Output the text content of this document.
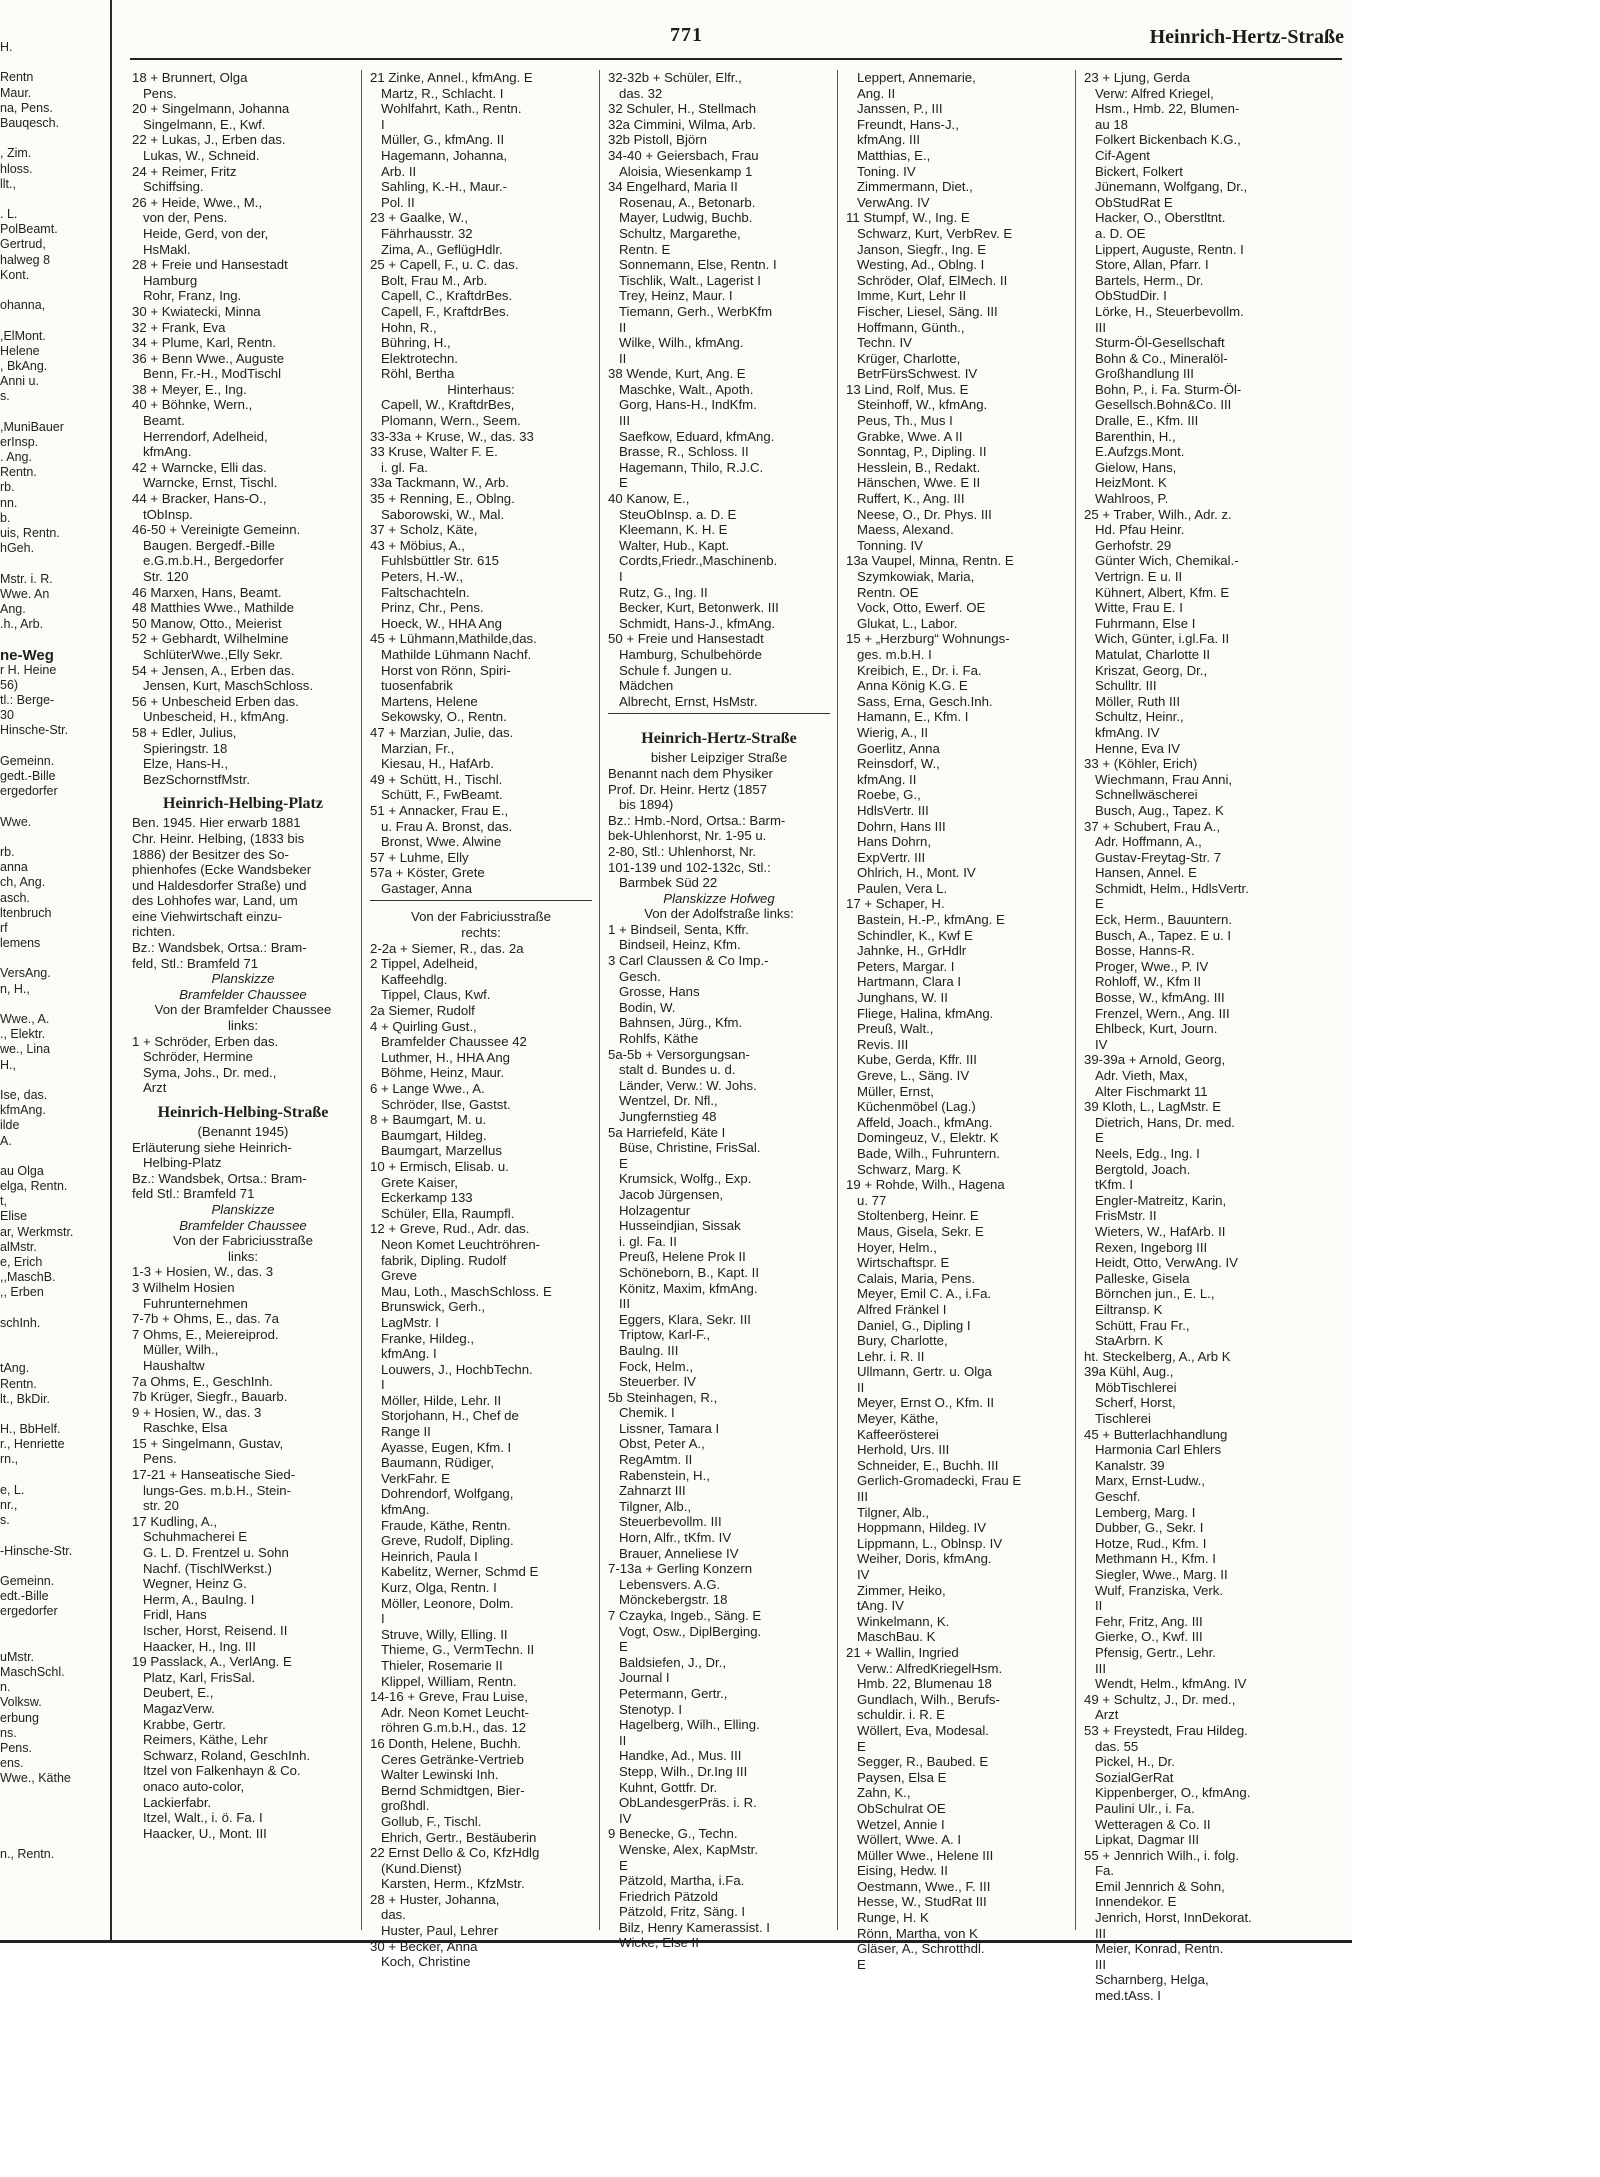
H.
Rentn
Maur.
na, Pens.
Bauqesch.
, Zim.
hloss.
llt.,
. L.
PolBeamt.
Gertrud,
halweg 8
Kont.
ohanna,
,ElMont.
Helene
, BkAng.
Anni u.
s.
,MuniBauer
erInsp.
. Ang.
Rentn.
rb.
nn.
b.
uis, Rentn.
hGeh.
Mstr. i. R.
Wwe. An
Ang.
.h., Arb.
ne-Weg
r H. Heine
56)
tl.: Berge-
30
Hinsche-Str.
Gemeinn.
gedt.-Bille
ergedorfer
Wwe.
rb.
anna
ch, Ang.
asch.
ltenbruch
rf
lemens
VersAng.
n, H.,
Wwe., A.
., Elektr.
we., Lina
H.,
Ise, das.
kfmAng.
ilde
A.
au Olga
elga, Rentn.
t,
Elise
ar, Werkmstr.
alMstr.
e, Erich
,,MaschB.
,, Erben
schInh.
tAng.
Rentn.
lt., BkDir.
H., BbHelf.
r., Henriette
rn.,
e, L.
nr.,
s.
-Hinsche-Str.
Gemeinn.
edt.-Bille
ergedorfer
uMstr.
MaschSchl.
n.
Volksw.
erbung
ns.
Pens.
ens.
Wwe., Käthe
n., Rentn.
771	Heinrich-Hertz-Straße
18 + Brunnert, Olga
Pens.
20 + Singelmann, Johanna
Singelmann, E., Kwf.
22 + Lukas, J., Erben das.
Lukas, W., Schneid.
24 + Reimer, Fritz
Schiffsing.
26 + Heide, Wwe., M.,
von der, Pens.
Heide, Gerd, von der,
HsMakl.
28 + Freie und Hansestadt
Hamburg
Rohr, Franz, Ing.
30 + Kwiatecki, Minna
32 + Frank, Eva
34 + Plume, Karl, Rentn.
36 + Benn Wwe., Auguste
Benn, Fr.-H., ModTischl
38 + Meyer, E., Ing.
40 + Böhnke, Wern.,
Beamt.
Herrendorf, Adelheid,
kfmAng.
42 + Warncke, Elli das.
Warncke, Ernst, Tischl.
44 + Bracker, Hans-O.,
tObInsp.
46-50 + Vereinigte Gemeinn.
Baugen. Bergedf.-Bille
e.G.m.b.H., Bergedorfer
Str. 120
46 Marxen, Hans, Beamt.
48 Matthies Wwe., Mathilde
50 Manow, Otto., Meierist
52 + Gebhardt, Wilhelmine
SchlüterWwe.,Elly Sekr.
54 + Jensen, A., Erben das.
Jensen, Kurt, MaschSchloss.
56 + Unbescheid Erben das.
Unbescheid, H., kfmAng.
58 + Edler, Julius,
Spieringstr. 18
Elze, Hans-H.,
BezSchornstfMstr.
Heinrich-Helbing-Platz
Ben. 1945. Hier erwarb 1881
Chr. Heinr. Helbing, (1833 bis
1886) der Besitzer des So-
phienhofes (Ecke Wandsbeker
und Haldesdorfer Straße) und
des Lohhofes war, Land, um
eine Viehwirtschaft einzu-
richten.
Bz.: Wandsbek, Ortsa.: Bram-
feld, Stl.: Bramfeld 71
Planskizze
Bramfelder Chaussee
Von der Bramfelder Chaussee
links:
1 + Schröder, Erben das.
Schröder, Hermine
Syma, Johs., Dr. med.,
Arzt
Heinrich-Helbing-Straße
(Benannt 1945)
Erläuterung siehe Heinrich-
Helbing-Platz
Bz.: Wandsbek, Ortsa.: Bram-
feld Stl.: Bramfeld 71
Planskizze
Bramfelder Chaussee
Von der Fabriciusstraße
links:
1-3 + Hosien, W., das. 3
3 Wilhelm Hosien
Fuhrunternehmen
7-7b + Ohms, E., das. 7a
7 Ohms, E., Meiereiprod.
Müller, Wilh.,
Haushaltw
7a Ohms, E., GeschInh.
7b Krüger, Siegfr., Bauarb.
9 + Hosien, W., das. 3
Raschke, Elsa
15 + Singelmann, Gustav,
Pens.
17-21 + Hanseatische Sied-
lungs-Ges. m.b.H., Stein-
str. 20
17 Kudling, A.,
Schuhmacherei E
G. L. D. Frentzel u. Sohn
Nachf. (TischlWerkst.)
Wegner, Heinz G.
Herm, A., BauIng. I
Fridl, Hans
Ischer, Horst, Reisend. II
Haacker, H., Ing. III
19 Passlack, A., VerlAng. E
Platz, Karl, FrisSal.
Deubert, E.,
MagazVerw.
Krabbe, Gertr.
Reimers, Käthe, Lehr
Schwarz, Roland, GeschInh.
Itzel von Falkenhayn & Co.
onaco auto-color,
Lackierfabr.
Itzel, Walt., i. ö. Fa. I
Haacker, U., Mont. III
21 Zinke, Annel., kfmAng. E
Martz, R., Schlacht. I
Wohlfahrt, Kath., Rentn.
I
Müller, G., kfmAng. II
Hagemann, Johanna,
Arb. II
Sahling, K.-H., Maur.-
Pol. II
23 + Gaalke, W.,
Fährhausstr. 32
Zima, A., GeflügHdlr.
25 + Capell, F., u. C. das.
Bolt, Frau M., Arb.
Capell, C., KraftdrBes.
Capell, F., KraftdrBes.
Hohn, R.,
Bühring, H.,
Elektrotechn.
Röhl, Bertha
Hinterhaus:
Capell, W., KraftdrBes,
Plomann, Wern., Seem.
33-33a + Kruse, W., das. 33
33 Kruse, Walter F. E.
i. gl. Fa.
33a Tackmann, W., Arb.
35 + Renning, E., Oblng.
Saborowski, W., Mal.
37 + Scholz, Käte,
43 + Möbius, A.,
Fuhlsbüttler Str. 615
Peters, H.-W.,
Faltschachteln.
Prinz, Chr., Pens.
Hoeck, W., HHA Ang
45 + Lühmann,Mathilde,das.
Mathilde Lühmann Nachf.
Horst von Rönn, Spiri-
tuosenfabrik
Martens, Helene
Sekowsky, O., Rentn.
47 + Marzian, Julie, das.
Marzian, Fr.,
Kiesau, H., HafArb.
49 + Schütt, H., Tischl.
Schütt, F., FwBeamt.
51 + Annacker, Frau E.,
u. Frau A. Bronst, das.
Bronst, Wwe. Alwine
57 + Luhme, Elly
57a + Köster, Grete
Gastager, Anna
Von der Fabriciusstraße
rechts:
2-2a + Siemer, R., das. 2a
2 Tippel, Adelheid,
Kaffeehdlg.
Tippel, Claus, Kwf.
2a Siemer, Rudolf
4 + Quirling Gust.,
Bramfelder Chaussee 42
Luthmer, H., HHA Ang
Böhme, Heinz, Maur.
6 + Lange Wwe., A.
Schröder, Ilse, Gastst.
8 + Baumgart, M. u.
Baumgart, Hildeg.
Baumgart, Marzellus
10 + Ermisch, Elisab. u.
Grete Kaiser,
Eckerkamp 133
Schüler, Ella, Raumpfl.
12 + Greve, Rud., Adr. das.
Neon Komet Leuchtröhren-
fabrik, Dipling. Rudolf
Greve
Mau, Loth., MaschSchloss. E
Brunswick, Gerh.,
LagMstr. I
Franke, Hildeg.,
kfmAng. I
Louwers, J., HochbTechn.
I
Möller, Hilde, Lehr. II
Storjohann, H., Chef de
Range II
Ayasse, Eugen, Kfm. I
Baumann, Rüdiger,
VerkFahr. E
Dohrendorf, Wolfgang,
kfmAng.
Fraude, Käthe, Rentn.
Greve, Rudolf, Dipling.
Heinrich, Paula I
Kabelitz, Werner, Schmd E
Kurz, Olga, Rentn. I
Möller, Leonore, Dolm.
I
Struve, Willy, Elling. II
Thieme, G., VermTechn. II
Thieler, Rosemarie II
Klippel, William, Rentn.
14-16 + Greve, Frau Luise,
Adr. Neon Komet Leucht-
röhren G.m.b.H., das. 12
16 Donth, Helene, Buchh.
Ceres Getränke-Vertrieb
Walter Lewinski Inh.
Bernd Schmidtgen, Bier-
großhdl.
Gollub, F., Tischl.
Ehrich, Gertr., Bestäuberin
22 Ernst Dello & Co, KfzHdlg
(Kund.Dienst)
Karsten, Herm., KfzMstr.
28 + Huster, Johanna,
das.
Huster, Paul, Lehrer
30 + Becker, Anna
Koch, Christine
32-32b + Schüler, Elfr.,
das. 32
32 Schuler, H., Stellmach
32a Cimmini, Wilma, Arb.
32b Pistoll, Björn
34-40 + Geiersbach, Frau
Aloisia, Wiesenkamp 1
34 Engelhard, Maria II
Rosenau, A., Betonarb.
Mayer, Ludwig, Buchb.
Schultz, Margarethe,
Rentn. E
Sonnemann, Else, Rentn. I
Tischlik, Walt., Lagerist I
Trey, Heinz, Maur. I
Tiemann, Gerh., WerbKfm
II
Wilke, Wilh., kfmAng.
II
38 Wende, Kurt, Ang. E
Maschke, Walt., Apoth.
Gorg, Hans-H., IndKfm.
III
Saefkow, Eduard, kfmAng.
Brasse, R., Schloss. II
Hagemann, Thilo, R.J.C.
E
40 Kanow, E.,
SteuObInsp. a. D. E
Kleemann, K. H. E
Walter, Hub., Kapt.
Cordts,Friedr.,Maschinenb.
I
Rutz, G., Ing. II
Becker, Kurt, Betonwerk. III
Schmidt, Hans-J., kfmAng.
50 + Freie und Hansestadt
Hamburg, Schulbehörde
Schule f. Jungen u.
Mädchen
Albrecht, Ernst, HsMstr.
Heinrich-Hertz-Straße
bisher Leipziger Straße
Benannt nach dem Physiker
Prof. Dr. Heinr. Hertz (1857
bis 1894)
Bz.: Hmb.-Nord, Ortsa.: Barm-
bek-Uhlenhorst, Nr. 1-95 u.
2-80, Stl.: Uhlenhorst, Nr.
101-139 und 102-132c, Stl.:
Barmbek Süd 22
Planskizze Hofweg
Von der Adolfstraße links:
1 + Bindseil, Senta, Kffr.
Bindseil, Heinz, Kfm.
3 Carl Claussen & Co Imp.-
Gesch.
Grosse, Hans
Bodin, W.
Bahnsen, Jürg., Kfm.
Rohlfs, Käthe
5a-5b + Versorgungsan-
stalt d. Bundes u. d.
Länder, Verw.: W. Johs.
Wentzel, Dr. Nfl.,
Jungfernstieg 48
5a Harriefeld, Käte I
Büse, Christine, FrisSal.
E
Krumsick, Wolfg., Exp.
Jacob Jürgensen,
Holzagentur
Husseindjian, Sissak
i. gl. Fa. II
Preuß, Helene Prok II
Schöneborn, B., Kapt. II
Könitz, Maxim, kfmAng.
III
Eggers, Klara, Sekr. III
Triptow, Karl-F.,
Baulng. III
Fock, Helm.,
Steuerber. IV
5b Steinhagen, R.,
Chemik. I
Lissner, Tamara I
Obst, Peter A.,
RegAmtm. II
Rabenstein, H.,
Zahnarzt III
Tilgner, Alb.,
Steuerbevollm. III
Horn, Alfr., tKfm. IV
Brauer, Anneliese IV
7-13a + Gerling Konzern
Lebensvers. A.G.
Mönckebergstr. 18
7 Czayka, Ingeb., Säng. E
Vogt, Osw., DiplBerging.
E
Baldsiefen, J., Dr.,
Journal I
Petermann, Gertr.,
Stenotyp. I
Hagelberg, Wilh., Elling.
II
Handke, Ad., Mus. III
Stepp, Wilh., Dr.Ing III
Kuhnt, Gottfr. Dr.
ObLandesgerPräs. i. R.
IV
9 Benecke, G., Techn.
Wenske, Alex, KapMstr.
E
Pätzold, Martha, i.Fa.
Friedrich Pätzold
Pätzold, Fritz, Säng. I
Bilz, Henry Kamerassist. I
Wicke, Else II
Leppert, Annemarie,
Ang. II
Janssen, P., III
Freundt, Hans-J.,
kfmAng. III
Matthias, E.,
Toning. IV
Zimmermann, Diet.,
VerwAng. IV
11 Stumpf, W., Ing. E
Schwarz, Kurt, VerbRev. E
Janson, Siegfr., Ing. E
Westing, Ad., Oblng. I
Schröder, Olaf, ElMech. II
Imme, Kurt, Lehr II
Fischer, Liesel, Säng. III
Hoffmann, Günth.,
Techn. IV
Krüger, Charlotte,
BetrFürsSchwest. IV
13 Lind, Rolf, Mus. E
Steinhoff, W., kfmAng.
Peus, Th., Mus I
Grabke, Wwe. A II
Sonntag, P., Dipling. II
Hesslein, B., Redakt.
Hänschen, Wwe. E II
Ruffert, K., Ang. III
Neese, O., Dr. Phys. III
Maess, Alexand.
Tonning. IV
13a Vaupel, Minna, Rentn. E
Szymkowiak, Maria,
Rentn. OE
Vock, Otto, Ewerf. OE
Glukat, L., Labor.
15 + „Herzburg“ Wohnungs-
ges. m.b.H. I
Kreibich, E., Dr. i. Fa.
Anna König K.G. E
Sass, Erna, Gesch.Inh.
Hamann, E., Kfm. I
Wierig, A., II
Goerlitz, Anna
Reinsdorf, W.,
kfmAng. II
Roebe, G.,
HdlsVertr. III
Dohrn, Hans III
Hans Dohrn,
ExpVertr. III
Ohlrich, H., Mont. IV
Paulen, Vera L.
17 + Schaper, H.
Bastein, H.-P., kfmAng. E
Schindler, K., Kwf E
Jahnke, H., GrHdlr
Peters, Margar. I
Hartmann, Clara I
Junghans, W. II
Fliege, Halina, kfmAng.
Preuß, Walt.,
Revis. III
Kube, Gerda, Kffr. III
Greve, L., Säng. IV
Müller, Ernst,
Küchenmöbel (Lag.)
Affeld, Joach., kfmAng.
Domingeuz, V., Elektr. K
Bade, Wilh., Fuhruntern.
Schwarz, Marg. K
19 + Rohde, Wilh., Hagena
u. 77
Stoltenberg, Heinr. E
Maus, Gisela, Sekr. E
Hoyer, Helm.,
Wirtschaftspr. E
Calais, Maria, Pens.
Meyer, Emil C. A., i.Fa.
Alfred Fränkel I
Daniel, G., Dipling I
Bury, Charlotte,
Lehr. i. R. II
Ullmann, Gertr. u. Olga
II
Meyer, Ernst O., Kfm. II
Meyer, Käthe,
Kaffeerösterei
Herhold, Urs. III
Schneider, E., Buchh. III
Gerlich-Gromadecki, Frau E
III
Tilgner, Alb.,
Hoppmann, Hildeg. IV
Lippmann, L., Oblnsp. IV
Weiher, Doris, kfmAng.
IV
Zimmer, Heiko,
tAng. IV
Winkelmann, K.
MaschBau. K
21 + Wallin, Ingried
Verw.: AlfredKriegelHsm.
Hmb. 22, Blumenau 18
Gundlach, Wilh., Berufs-
schuldir. i. R. E
Wöllert, Eva, Modesal.
E
Segger, R., Baubed. E
Paysen, Elsa E
Zahn, K.,
ObSchulrat OE
Wetzel, Annie I
Wöllert, Wwe. A. I
Müller Wwe., Helene III
Eising, Hedw. II
Oestmann, Wwe., F. III
Hesse, W., StudRat III
Runge, H. K
Rönn, Martha, von K
Gläser, A., Schrotthdl.
E
23 + Ljung, Gerda
Verw: Alfred Kriegel,
Hsm., Hmb. 22, Blumen-
au 18
Folkert Bickenbach K.G.,
Cif-Agent
Bickert, Folkert
Jünemann, Wolfgang, Dr.,
ObStudRat E
Hacker, O., Oberstltnt.
a. D. OE
Lippert, Auguste, Rentn. I
Store, Allan, Pfarr. I
Bartels, Herm., Dr.
ObStudDir. I
Lörke, H., Steuerbevollm.
III
Sturm-Öl-Gesellschaft
Bohn & Co., Mineralöl-
Großhandlung III
Bohn, P., i. Fa. Sturm-Öl-
Gesellsch.Bohn&Co. III
Dralle, E., Kfm. III
Barenthin, H.,
E.Aufzgs.Mont.
Gielow, Hans,
HeizMont. K
Wahlroos, P.
25 + Traber, Wilh., Adr. z.
Hd. Pfau Heinr.
Gerhofstr. 29
Günter Wich, Chemikal.-
Vertrign. E u. II
Kühnert, Albert, Kfm. E
Witte, Frau E. I
Fuhrmann, Else I
Wich, Günter, i.gl.Fa. II
Matulat, Charlotte II
Kriszat, Georg, Dr.,
Schulltr. III
Möller, Ruth III
Schultz, Heinr.,
kfmAng. IV
Henne, Eva IV
33 + (Köhler, Erich)
Wiechmann, Frau Anni,
Schnellwäscherei
Busch, Aug., Tapez. K
37 + Schubert, Frau A.,
Adr. Hoffmann, A.,
Gustav-Freytag-Str. 7
Hansen, Annel. E
Schmidt, Helm., HdlsVertr.
E
Eck, Herm., Bauuntern.
Busch, A., Tapez. E u. I
Bosse, Hanns-R.
Proger, Wwe., P. IV
Rohloff, W., Kfm II
Bosse, W., kfmAng. III
Frenzel, Wern., Ang. III
Ehlbeck, Kurt, Journ.
IV
39-39a + Arnold, Georg,
Adr. Vieth, Max,
Alter Fischmarkt 11
39 Kloth, L., LagMstr. E
Dietrich, Hans, Dr. med.
E
Neels, Edg., Ing. I
Bergtold, Joach.
tKfm. I
Engler-Matreitz, Karin,
FrisMstr. II
Wieters, W., HafArb. II
Rexen, Ingeborg III
Heidt, Otto, VerwAng. IV
Palleske, Gisela
Börnchen jun., E. L.,
Eiltransp. K
Schütt, Frau Fr.,
StaArbrn. K
ht. Steckelberg, A., Arb K
39a Kühl, Aug.,
MöbTischlerei
Scherf, Horst,
Tischlerei
45 + Butterlachhandlung
Harmonia Carl Ehlers
Kanalstr. 39
Marx, Ernst-Ludw.,
Geschf.
Lemberg, Marg. I
Dubber, G., Sekr. I
Hotze, Rud., Kfm. I
Methmann H., Kfm. I
Siegler, Wwe., Marg. II
Wulf, Franziska, Verk.
II
Fehr, Fritz, Ang. III
Gierke, O., Kwf. III
Pfensig, Gertr., Lehr.
III
Wendt, Helm., kfmAng. IV
49 + Schultz, J., Dr. med.,
Arzt
53 + Freystedt, Frau Hildeg.
das. 55
Pickel, H., Dr.
SozialGerRat
Kippenberger, O., kfmAng.
Paulini Ulr., i. Fa.
Wetteragen & Co. II
Lipkat, Dagmar III
55 + Jennrich Wilh., i. folg.
Fa.
Emil Jennrich & Sohn,
Innendekor. E
Jenrich, Horst, InnDekorat.
III
Meier, Konrad, Rentn.
III
Scharnberg, Helga,
med.tAss. I
